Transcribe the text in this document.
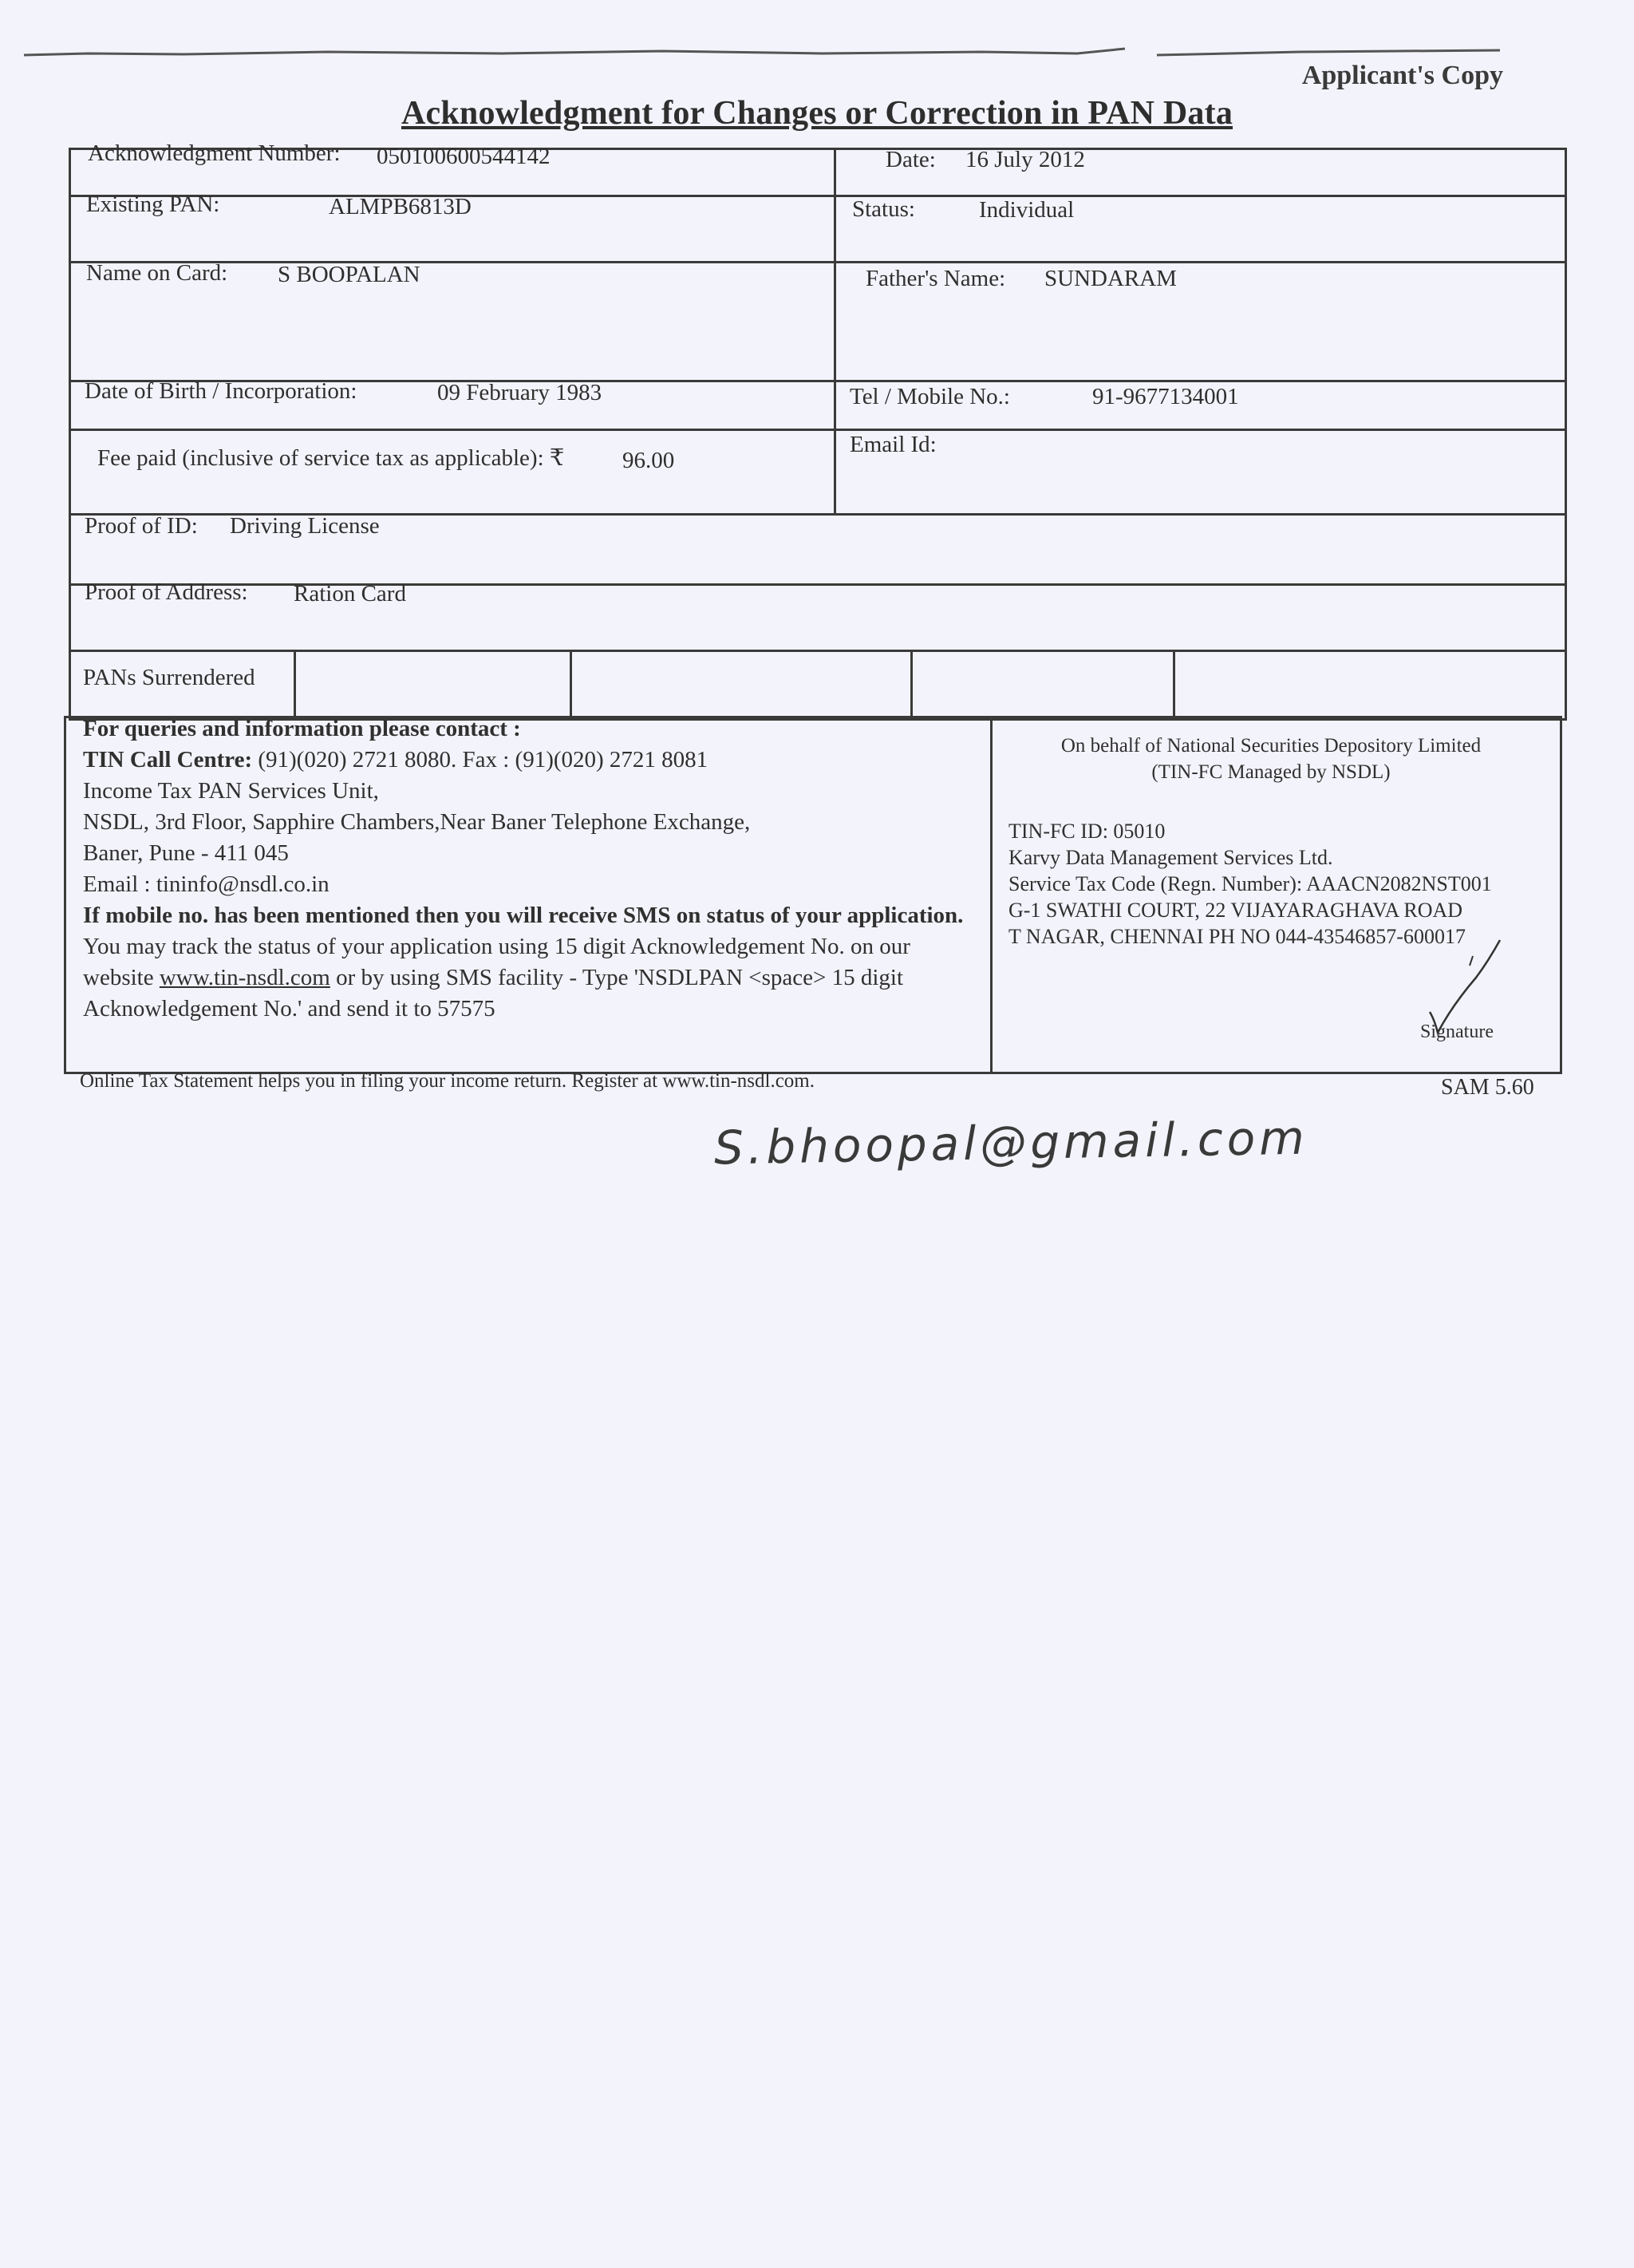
Applicant's Copy
Acknowledgment for Changes or Correction in PAN Data
Acknowledgment Number: 050100600544142	Date: 16 July 2012
Existing PAN:	ALMPB6813D	Status:	Individual
Name on Card: S BOOPALAN	Father's Name: SUNDARAM
Date of Birth / Incorporation:	09 February 1983	Tel / Mobile No.:	91-9677134001
Fee paid (inclusive of service tax as applicable): ₹	96.00
Email Id:
Proof of ID: Driving License
Proof of Address: Ration Card
PANs Surrendered
For queries and information please contact :
TIN Call Centre: (91)(020) 2721 8080. Fax : (91)(020) 2721 8081
Income Tax PAN Services Unit,
NSDL, 3rd Floor, Sapphire Chambers,Near Baner Telephone Exchange,
Baner, Pune - 411 045
Email : tininfo@nsdl.co.in
If mobile no. has been mentioned then you will receive SMS on status of your application.
You may track the status of your application using 15 digit Acknowledgement No. on our
website www.tin-nsdl.com or by using SMS facility - Type 'NSDLPAN <space> 15 digit
Acknowledgement No.' and send it to 57575
On behalf of National Securities Depository Limited
(TIN-FC Managed by NSDL)
TIN-FC ID: 05010
Karvy Data Management Services Ltd.
Service Tax Code (Regn. Number): AAACN2082NST001
G-1 SWATHI COURT, 22 VIJAYARAGHAVA ROAD
T NAGAR, CHENNAI PH NO 044-43546857-600017
Signature
Online Tax Statement helps you in filing your income return. Register at www.tin-nsdl.com.	SAM 5.60
S.bhoopal@gmail.com
